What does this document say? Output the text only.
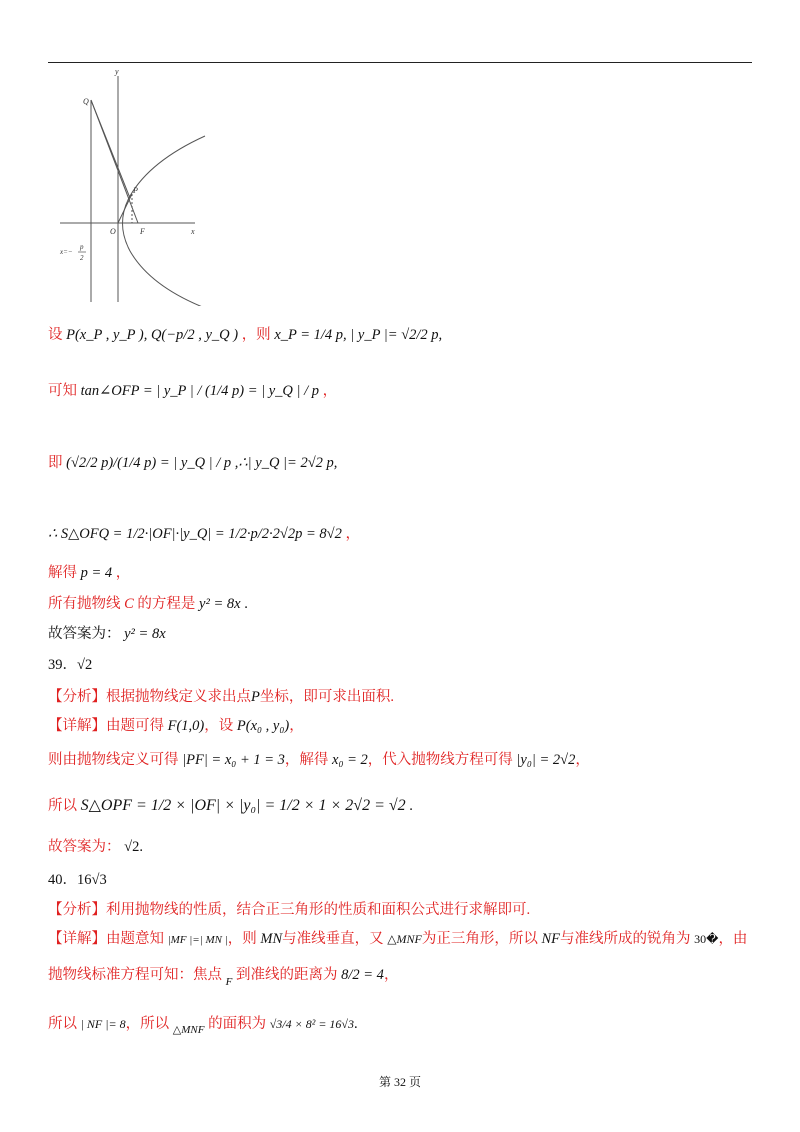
y
x
Q
P
O	F
x=−
p
2
设 P(x_P , y_P ), Q(−p/2 , y_Q ) ，则 x_P = 1/4 p, | y_P |= √2/2 p,
可知 tan∠OFP = | y_P | / (1/4 p) = | y_Q | / p ，
即 (√2/2 p)/(1/4 p) = | y_Q | / p ,∴| y_Q |= 2√2 p,
∴ S△OFQ = 1/2·|OF|·|y_Q| = 1/2·p/2·2√2p = 8√2 ，
解得 p = 4 ，
所有抛物线 C 的方程是 y² = 8x .
故答案为： y² = 8x
39．√2
【分析】根据抛物线定义求出点P坐标，即可求出面积.
【详解】由题可得 F(1,0)，设 P(x₀ , y₀)，
则由抛物线定义可得 |PF| = x₀ + 1 = 3，解得 x₀ = 2，代入抛物线方程可得 |y₀| = 2√2，
所以 S△OPF = 1/2 × |OF| × |y₀| = 1/2 × 1 × 2√2 = √2 .
故答案为： √2.
40．16√3
【分析】利用抛物线的性质，结合正三角形的性质和面积公式进行求解即可.
【详解】由题意知 |MF |=| MN |，则 MN与准线垂直，又 △MNF为正三角形，所以 NF与准线所成的锐角为 30�，由
抛物线标准方程可知：焦点 $_F$ 到准线的距离为 8/2 = 4，
所以 | NF |= 8，所以 $_{\triangle MNF}$ 的面积为 √3/4 × 8² = 16√3.
第 32 页
